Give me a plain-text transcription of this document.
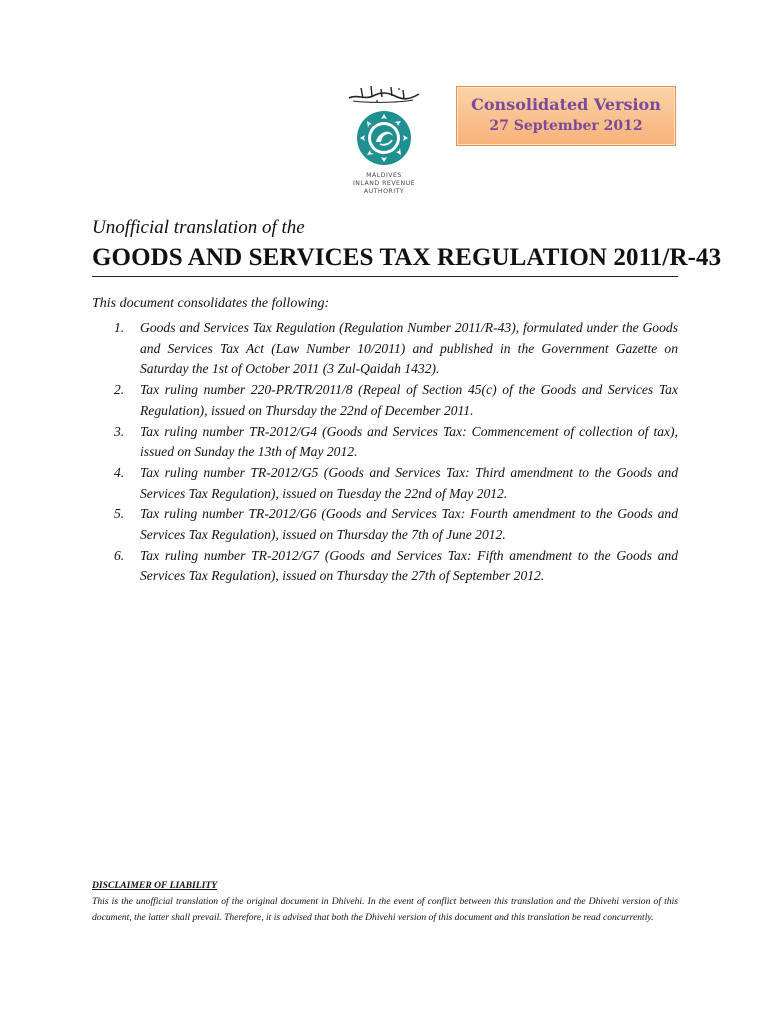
MALDIVES
INLAND REVENUE
AUTHORITY
Consolidated Version
27 September 2012
Unofficial translation of the
GOODS AND SERVICES TAX REGULATION 2011/R-43
This document consolidates the following:
1. Goods and Services Tax Regulation (Regulation Number 2011/R-43), formulated under the Goods and Services Tax Act (Law Number 10/2011) and published in the Government Gazette on Saturday the 1st of October 2011 (3 Zul-Qaidah 1432).
2. Tax ruling number 220-PR/TR/2011/8 (Repeal of Section 45(c) of the Goods and Services Tax Regulation), issued on Thursday the 22nd of December 2011.
3. Tax ruling number TR-2012/G4 (Goods and Services Tax: Commencement of collection of tax), issued on Sunday the 13th of May 2012.
4. Tax ruling number TR-2012/G5 (Goods and Services Tax: Third amendment to the Goods and Services Tax Regulation), issued on Tuesday the 22nd of May 2012.
5. Tax ruling number TR-2012/G6 (Goods and Services Tax: Fourth amendment to the Goods and Services Tax Regulation), issued on Thursday the 7th of June 2012.
6. Tax ruling number TR-2012/G7 (Goods and Services Tax: Fifth amendment to the Goods and Services Tax Regulation), issued on Thursday the 27th of September 2012.
DISCLAIMER OF LIABILITY
This is the unofficial translation of the original document in Dhivehi. In the event of conflict between this translation and the Dhivehi version of this document, the latter shall prevail. Therefore, it is advised that both the Dhivehi version of this document and this translation be read concurrently.
